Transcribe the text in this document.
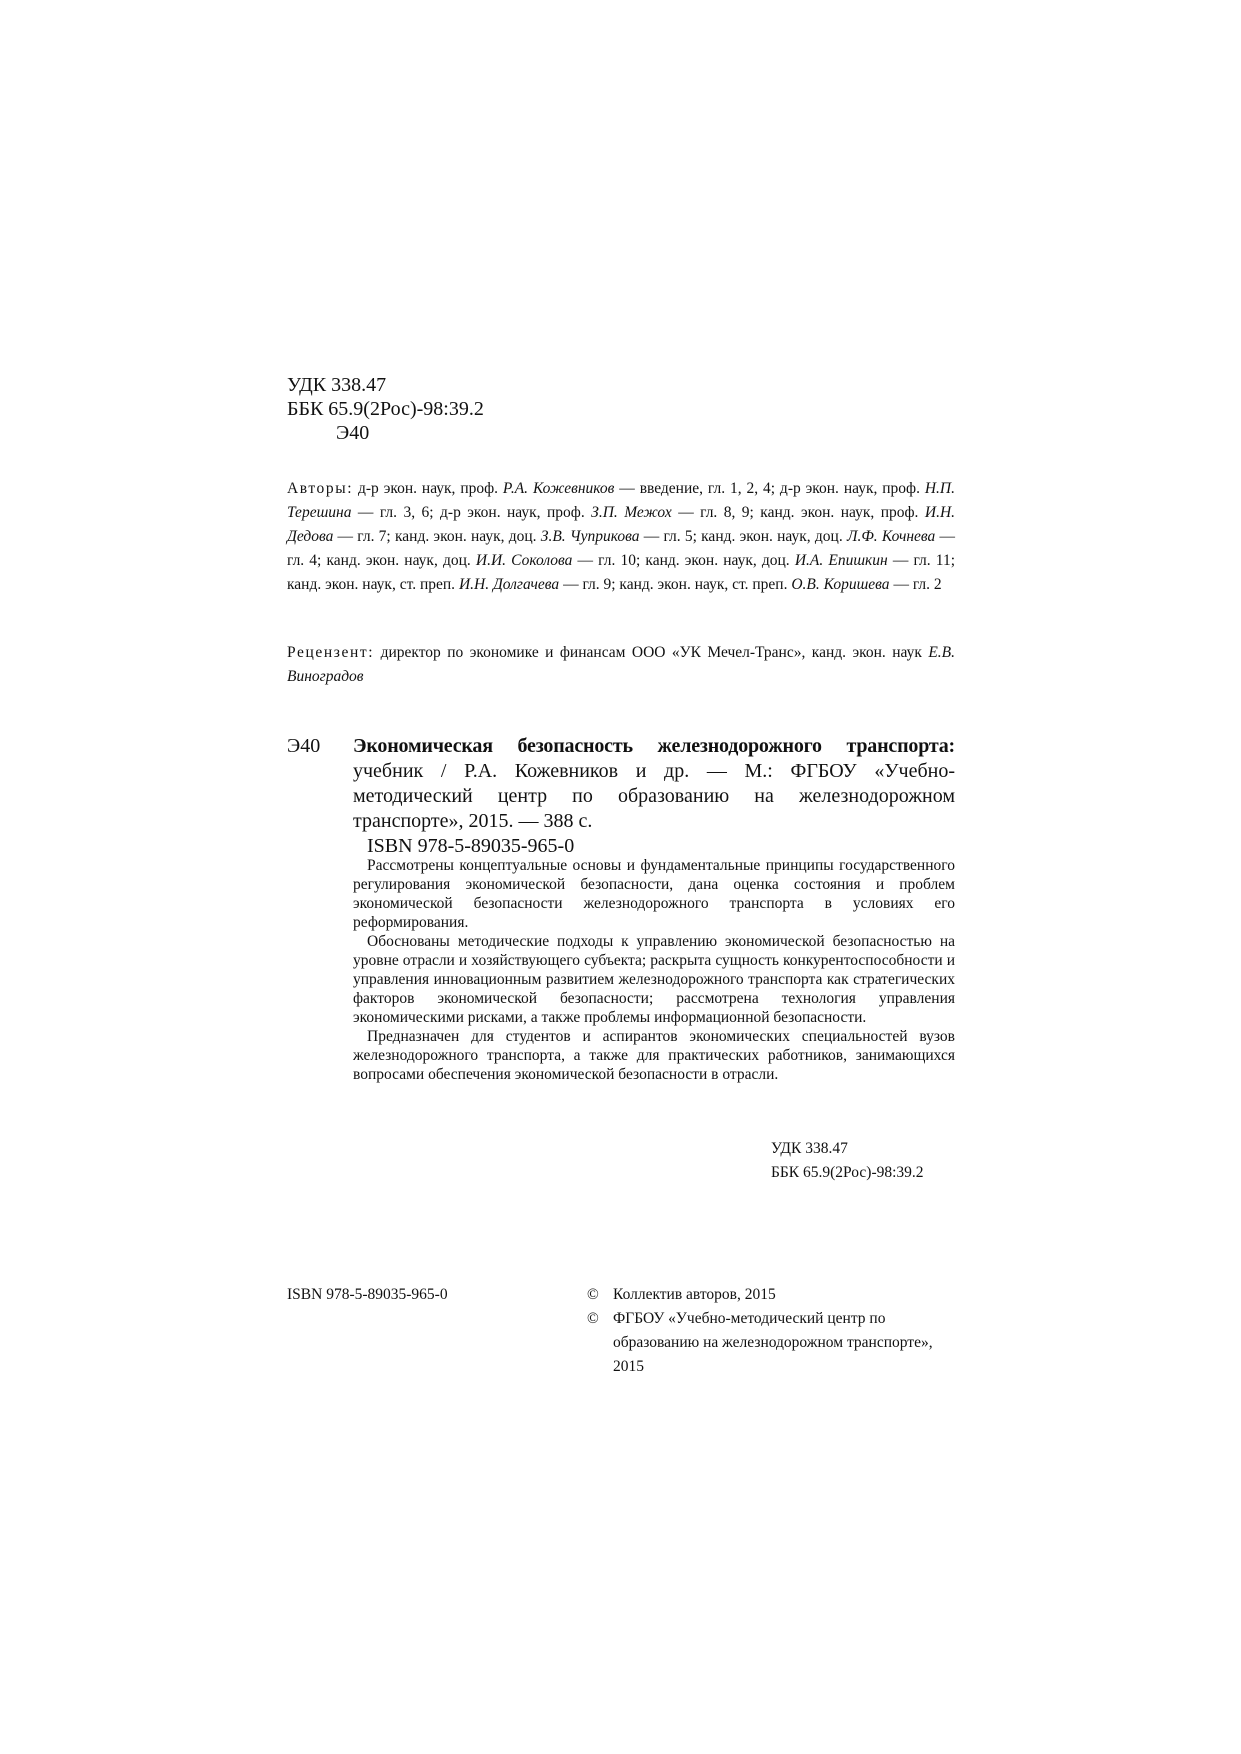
УДК 338.47
ББК 65.9(2Рос)-98:39.2
Э40
Авторы: д-р экон. наук, проф. Р.А. Кожевников — введение, гл. 1, 2, 4; д-р экон. наук, проф. Н.П. Терешина — гл. 3, 6; д-р экон. наук, проф. З.П. Межох — гл. 8, 9; канд. экон. наук, проф. И.Н. Дедова — гл. 7; канд. экон. наук, доц. З.В. Чуприкова — гл. 5; канд. экон. наук, доц. Л.Ф. Кочнева — гл. 4; канд. экон. наук, доц. И.И. Соколова — гл. 10; канд. экон. наук, доц. И.А. Епишкин — гл. 11; канд. экон. наук, ст. преп. И.Н. Долгачева — гл. 9; канд. экон. наук, ст. преп. О.В. Коришева — гл. 2
Рецензент: директор по экономике и финансам ООО «УК Мечел-Транс», канд. экон. наук Е.В. Виноградов
Э40 Экономическая безопасность железнодорожного транспорта: учебник / Р.А. Кожевников и др. — М.: ФГБОУ «Учебно-методический центр по образованию на железнодорожном транспорте», 2015. — 388 с.
ISBN 978-5-89035-965-0

Рассмотрены концептуальные основы и фундаментальные принципы государственного регулирования экономической безопасности, дана оценка состояния и проблем экономической безопасности железнодорожного транспорта в условиях его реформирования.

Обоснованы методические подходы к управлению экономической безопасностью на уровне отрасли и хозяйствующего субъекта; раскрыта сущность конкурентоспособности и управления инновационным развитием железнодорожного транспорта как стратегических факторов экономической безопасности; рассмотрена технология управления экономическими рисками, а также проблемы информационной безопасности.

Предназначен для студентов и аспирантов экономических специальностей вузов железнодорожного транспорта, а также для практических работников, занимающихся вопросами обеспечения экономической безопасности в отрасли.

УДК 338.47
ББК 65.9(2Рос)-98:39.2
ISBN 978-5-89035-965-0	© Коллектив авторов, 2015
© ФГБОУ «Учебно-методический центр по образованию на железнодорожном транспорте», 2015
